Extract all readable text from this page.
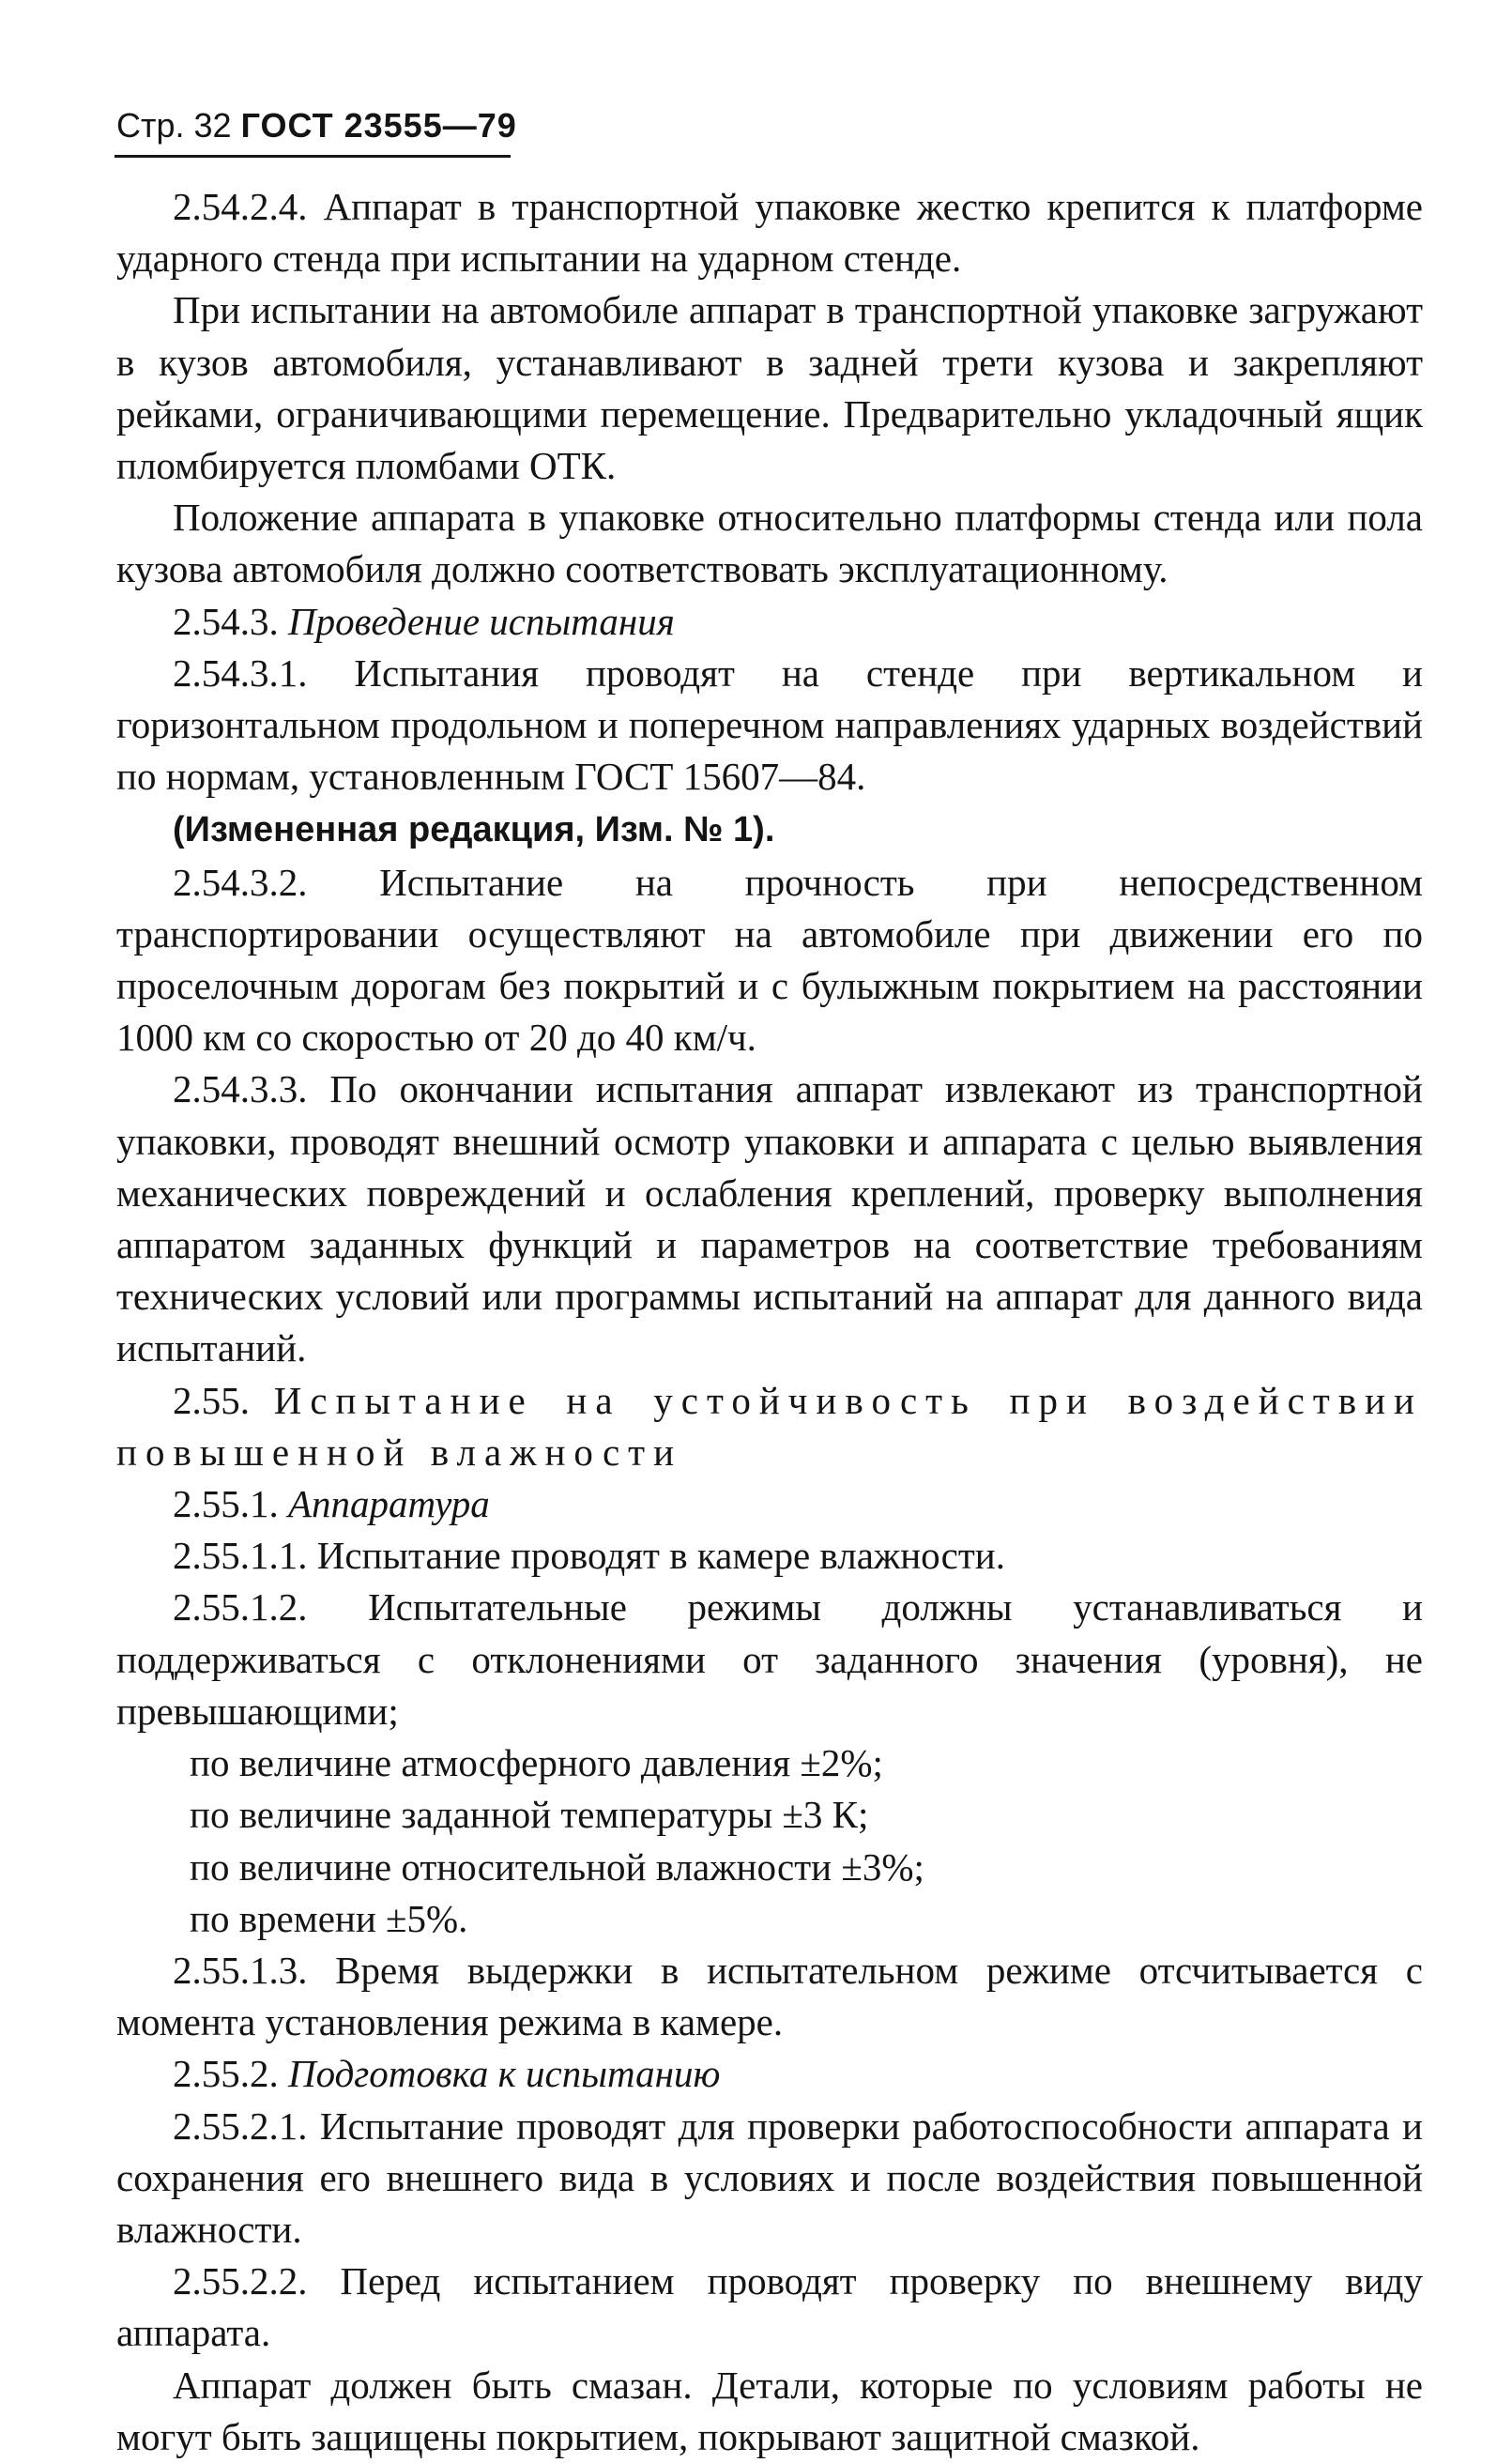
Стр. 32 ГОСТ 23555—79

2.54.2.4. Аппарат в транспортной упаковке жестко крепится к платформе ударного стенда при испытании на ударном стенде.

При испытании на автомобиле аппарат в транспортной упаковке загружают в кузов автомобиля, устанавливают в задней трети кузова и закрепляют рейками, ограничивающими перемещение. Предварительно укладочный ящик пломбируется пломбами ОТК.

Положение аппарата в упаковке относительно платформы стенда или пола кузова автомобиля должно соответствовать эксплуатационному.

2.54.3. Проведение испытания

2.54.3.1. Испытания проводят на стенде при вертикальном и горизонтальном продольном и поперечном направлениях ударных воздействий по нормам, установленным ГОСТ 15607—84.

(Измененная редакция, Изм. № 1).

2.54.3.2. Испытание на прочность при непосредственном транспортировании осуществляют на автомобиле при движении его по проселочным дорогам без покрытий и с булыжным покрытием на расстоянии 1000 км со скоростью от 20 до 40 км/ч.

2.54.3.3. По окончании испытания аппарат извлекают из транспортной упаковки, проводят внешний осмотр упаковки и аппарата с целью выявления механических повреждений и ослабления креплений, проверку выполнения аппаратом заданных функций и параметров на соответствие требованиям технических условий или программы испытаний на аппарат для данного вида испытаний.

2.55. Испытание на устойчивость при воздействии повышенной влажности

2.55.1. Аппаратура

2.55.1.1. Испытание проводят в камере влажности.

2.55.1.2. Испытательные режимы должны устанавливаться и поддерживаться с отклонениями от заданного значения (уровня), не превышающими;

по величине атмосферного давления ±2%;

по величине заданной температуры ±3 К;

по величине относительной влажности ±3%;

по времени ±5%.

2.55.1.3. Время выдержки в испытательном режиме отсчитывается с момента установления режима в камере.

2.55.2. Подготовка к испытанию

2.55.2.1. Испытание проводят для проверки работоспособности аппарата и сохранения его внешнего вида в условиях и после воздействия повышенной влажности.

2.55.2.2. Перед испытанием проводят проверку по внешнему виду аппарата.

Аппарат должен быть смазан. Детали, которые по условиям работы не могут быть защищены покрытием, покрывают защитной смазкой.
